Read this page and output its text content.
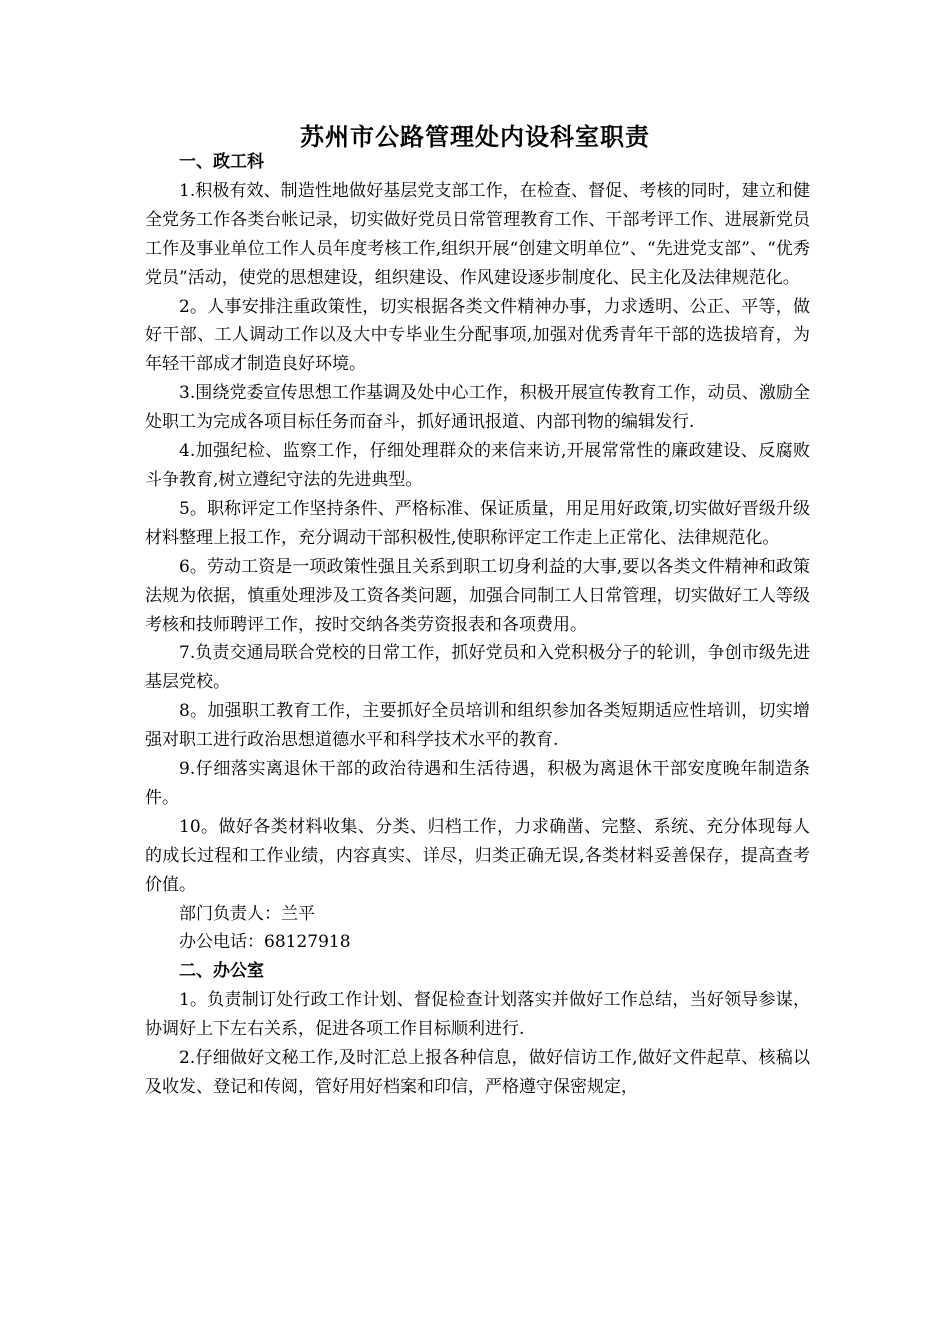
苏州市公路管理处内设科室职责
一、政工科

1.积极有效、制造性地做好基层党支部工作，在检查、督促、考核的同时，建立和健全党务工作各类台帐记录，切实做好党员日常管理教育工作、干部考评工作、进展新党员工作及事业单位工作人员年度考核工作,组织开展“创建文明单位”、“先进党支部”、“优秀党员”活动，使党的思想建设，组织建设、作风建设逐步制度化、民主化及法律规范化。

2。人事安排注重政策性，切实根据各类文件精神办事，力求透明、公正、平等，做好干部、工人调动工作以及大中专毕业生分配事项,加强对优秀青年干部的选拔培育，为年轻干部成才制造良好环境。

3.围绕党委宣传思想工作基调及处中心工作，积极开展宣传教育工作，动员、激励全处职工为完成各项目标任务而奋斗，抓好通讯报道、内部刊物的编辑发行.

4.加强纪检、监察工作，仔细处理群众的来信来访,开展常常性的廉政建设、反腐败斗争教育,树立遵纪守法的先进典型。

5。职称评定工作坚持条件、严格标准、保证质量，用足用好政策,切实做好晋级升级材料整理上报工作，充分调动干部积极性,使职称评定工作走上正常化、法律规范化。

6。劳动工资是一项政策性强且关系到职工切身利益的大事,要以各类文件精神和政策法规为依据，慎重处理涉及工资各类问题，加强合同制工人日常管理，切实做好工人等级考核和技师聘评工作，按时交纳各类劳资报表和各项费用。

7.负责交通局联合党校的日常工作，抓好党员和入党积极分子的轮训，争创市级先进基层党校。

8。加强职工教育工作，主要抓好全员培训和组织参加各类短期适应性培训，切实增强对职工进行政治思想道德水平和科学技术水平的教育.

9.仔细落实离退休干部的政治待遇和生活待遇，积极为离退休干部安度晚年制造条件。

10。做好各类材料收集、分类、归档工作，力求确凿、完整、系统、充分体现每人的成长过程和工作业绩，内容真实、详尽，归类正确无误,各类材料妥善保存，提高查考价值。

部门负责人：兰平

办公电话：68127918

二、办公室

1。负责制订处行政工作计划、督促检查计划落实并做好工作总结，当好领导参谋，协调好上下左右关系，促进各项工作目标顺利进行.

2.仔细做好文秘工作,及时汇总上报各种信息，做好信访工作,做好文件起草、核稿以及收发、登记和传阅，管好用好档案和印信，严格遵守保密规定，
